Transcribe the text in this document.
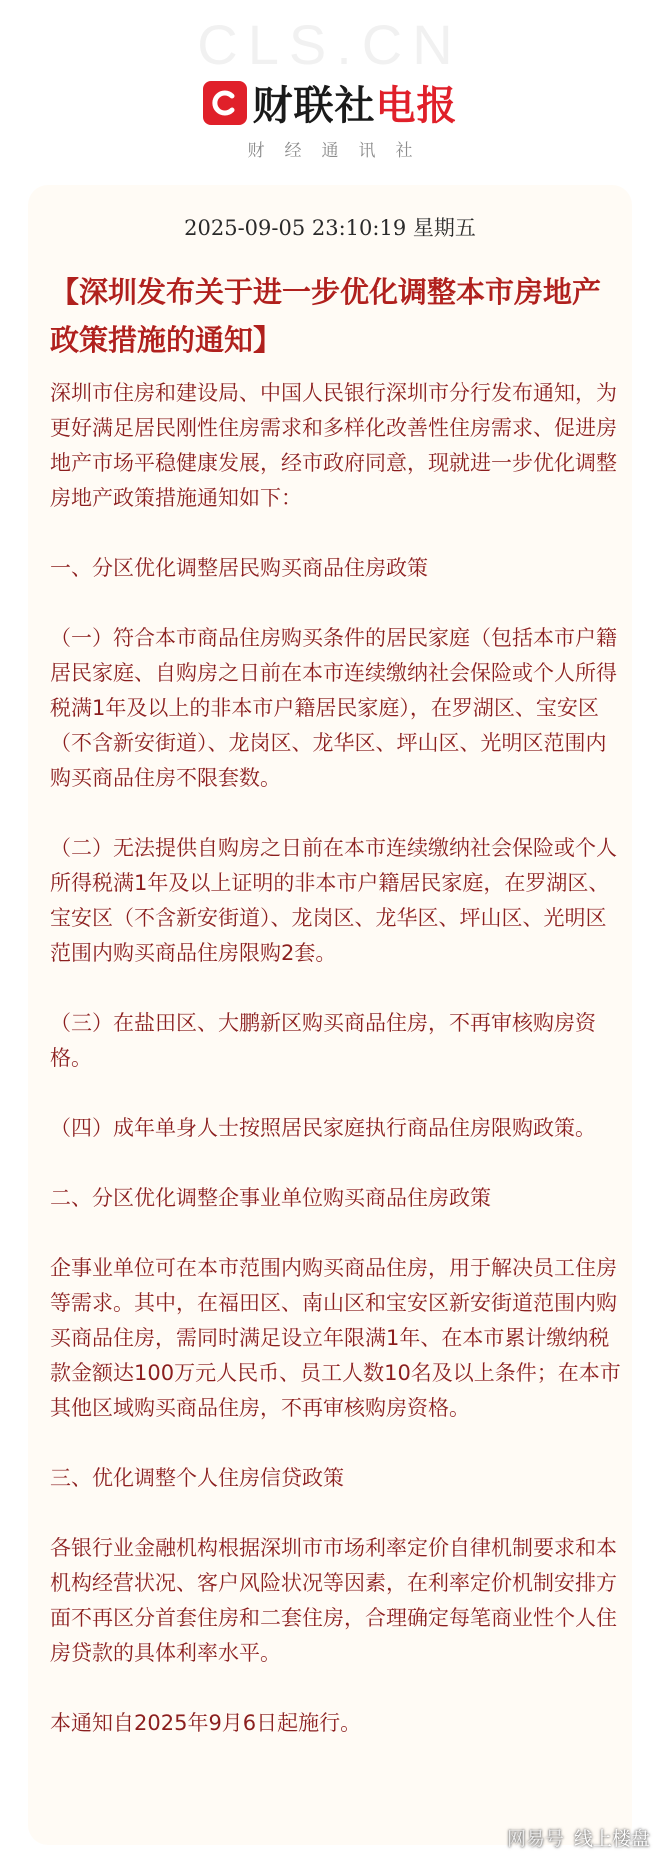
CLS.CN
财联社电报
财经通讯社
2025-09-05 23:10:19 星期五
【深圳发布关于进一步优化调整本市房地产政策措施的通知】

深圳市住房和建设局、中国人民银行深圳市分行发布通知，为更好满足居民刚性住房需求和多样化改善性住房需求、促进房地产市场平稳健康发展，经市政府同意，现就进一步优化调整房地产政策措施通知如下：

一、分区优化调整居民购买商品住房政策

（一）符合本市商品住房购买条件的居民家庭（包括本市户籍居民家庭、自购房之日前在本市连续缴纳社会保险或个人所得税满1年及以上的非本市户籍居民家庭），在罗湖区、宝安区（不含新安街道）、龙岗区、龙华区、坪山区、光明区范围内购买商品住房不限套数。

（二）无法提供自购房之日前在本市连续缴纳社会保险或个人所得税满1年及以上证明的非本市户籍居民家庭，在罗湖区、宝安区（不含新安街道）、龙岗区、龙华区、坪山区、光明区范围内购买商品住房限购2套。

（三）在盐田区、大鹏新区购买商品住房，不再审核购房资格。

（四）成年单身人士按照居民家庭执行商品住房限购政策。

二、分区优化调整企事业单位购买商品住房政策

企事业单位可在本市范围内购买商品住房，用于解决员工住房等需求。其中，在福田区、南山区和宝安区新安街道范围内购买商品住房，需同时满足设立年限满1年、在本市累计缴纳税款金额达100万元人民币、员工人数10名及以上条件；在本市其他区域购买商品住房，不再审核购房资格。

三、优化调整个人住房信贷政策

各银行业金融机构根据深圳市市场利率定价自律机制要求和本机构经营状况、客户风险状况等因素，在利率定价机制安排方面不再区分首套住房和二套住房，合理确定每笔商业性个人住房贷款的具体利率水平。

本通知自2025年9月6日起施行。

网易号 线上楼盘
